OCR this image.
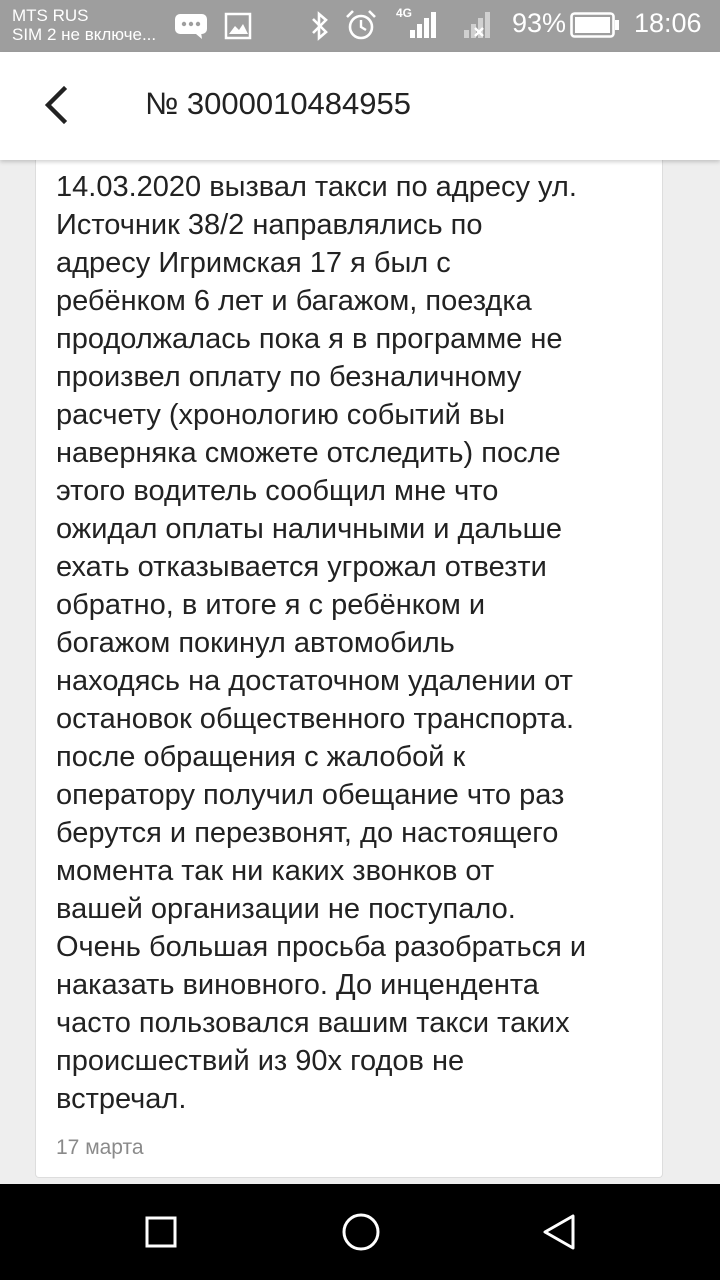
MTS RUS
SIM 2 не включе...
4G	93%	18:06
№ 3000010484955

14.03.2020 вызвал такси по адресу ул.
Источник 38/2 направлялись по
адресу Игримская 17 я был с
ребёнком 6 лет и багажом, поездка
продолжалась пока я в программе не
произвел оплату по безналичному
расчету (хронологию событий вы
наверняка сможете отследить) после
этого водитель сообщил мне что
ожидал оплаты наличными и дальше
ехать отказывается угрожал отвезти
обратно, в итоге я с ребёнком и
богажом покинул автомобиль
находясь на достаточном удалении от
остановок общественного транспорта.
после обращения с жалобой к
оператору получил обещание что раз
берутся и перезвонят, до настоящего
момента так ни каких звонков от
вашей организации не поступало.
Очень большая просьба разобраться и
наказать виновного. До инцендента
часто пользовался вашим такси таких
происшествий из 90х годов не
встречал.

17 марта
